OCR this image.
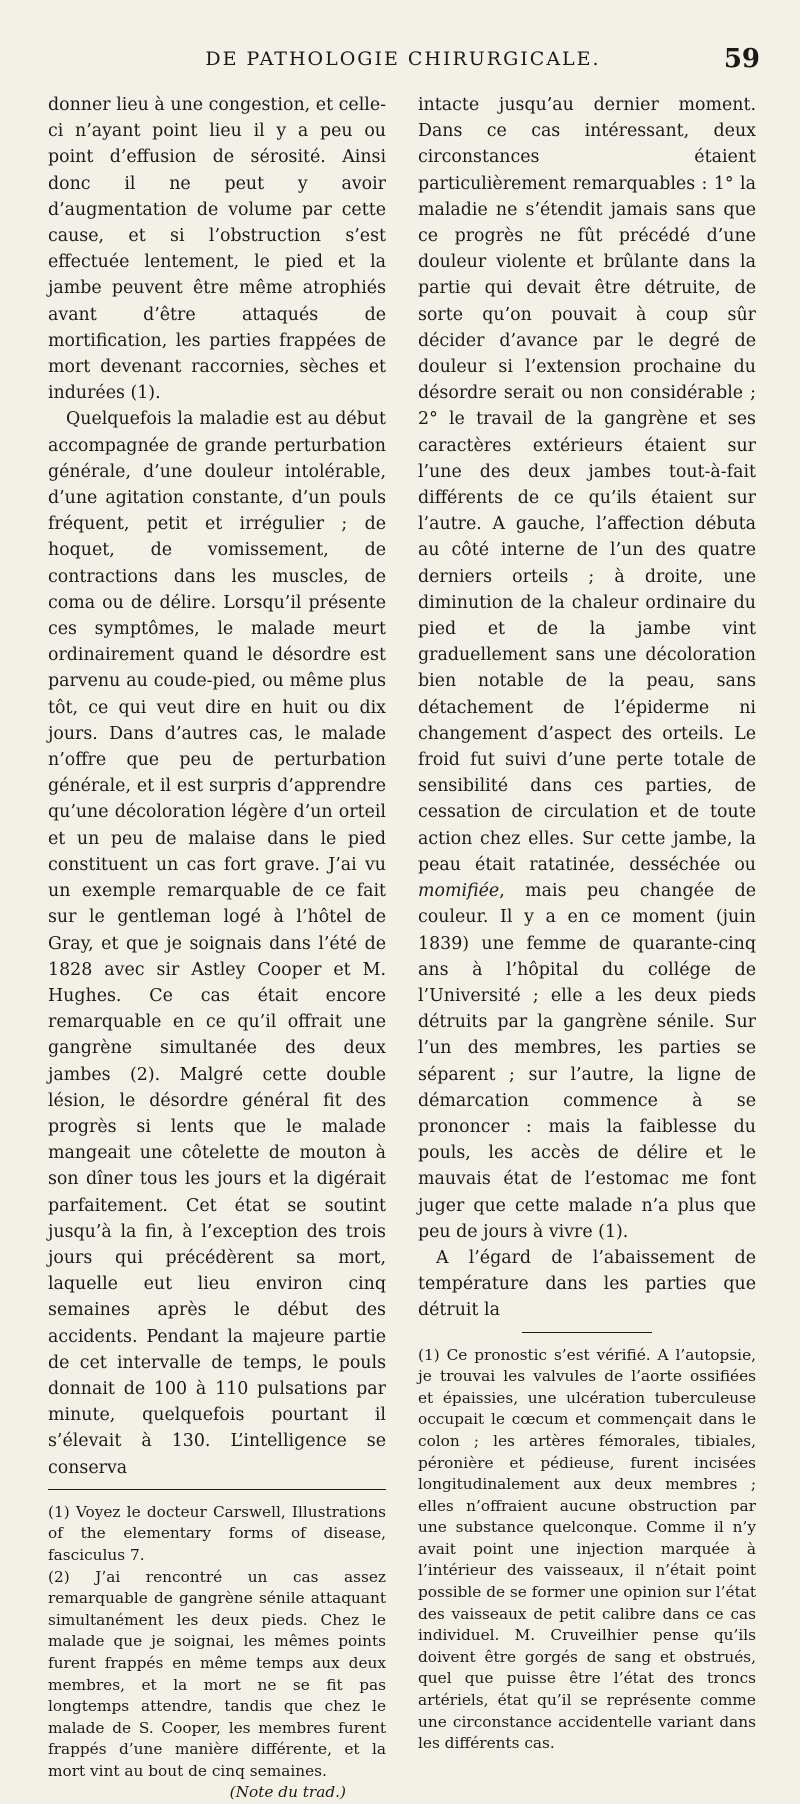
DE PATHOLOGIE CHIRURGICALE.	59

donner lieu à une congestion, et celle-ci n’ayant point lieu il y a peu ou point d’effusion de sérosité. Ainsi donc il ne peut y avoir d’augmentation de volume par cette cause, et si l’obstruction s’est effectuée lentement, le pied et la jambe peuvent être même atrophiés avant d’être attaqués de mortification, les parties frappées de mort devenant raccornies, sèches et indurées (1).

Quelquefois la maladie est au début accompagnée de grande perturbation générale, d’une douleur intolérable, d’une agitation constante, d’un pouls fréquent, petit et irrégulier ; de hoquet, de vomissement, de contractions dans les muscles, de coma ou de délire. Lorsqu’il présente ces symptômes, le malade meurt ordinairement quand le désordre est parvenu au coude-pied, ou même plus tôt, ce qui veut dire en huit ou dix jours. Dans d’autres cas, le malade n’offre que peu de perturbation générale, et il est surpris d’apprendre qu’une décoloration légère d’un orteil et un peu de malaise dans le pied constituent un cas fort grave. J’ai vu un exemple remarquable de ce fait sur le gentleman logé à l’hôtel de Gray, et que je soignais dans l’été de 1828 avec sir Astley Cooper et M. Hughes. Ce cas était encore remarquable en ce qu’il offrait une gangrène simultanée des deux jambes (2). Malgré cette double lésion, le désordre général fit des progrès si lents que le malade mangeait une côtelette de mouton à son dîner tous les jours et la digérait parfaitement. Cet état se soutint jusqu’à la fin, à l’exception des trois jours qui précédèrent sa mort, laquelle eut lieu environ cinq semaines après le début des accidents. Pendant la majeure partie de cet intervalle de temps, le pouls donnait de 100 à 110 pulsations par minute, quelquefois pourtant il s’élevait à 130. L’intelligence se conserva

(1) Voyez le docteur Carswell, Illustrations of the elementary forms of disease, fasciculus 7.

(2) J’ai rencontré un cas assez remarquable de gangrène sénile attaquant simultanément les deux pieds. Chez le malade que je soignai, les mêmes points furent frappés en même temps aux deux membres, et la mort ne se fit pas longtemps attendre, tandis que chez le malade de S. Cooper, les membres furent frappés d’une manière différente, et la mort vint au bout de cinq semaines.

(Note du trad.)

intacte jusqu’au dernier moment. Dans ce cas intéressant, deux circonstances étaient particulièrement remarquables : 1° la maladie ne s’étendit jamais sans que ce progrès ne fût précédé d’une douleur violente et brûlante dans la partie qui devait être détruite, de sorte qu’on pouvait à coup sûr décider d’avance par le degré de douleur si l’extension prochaine du désordre serait ou non considérable ; 2° le travail de la gangrène et ses caractères extérieurs étaient sur l’une des deux jambes tout-à-fait différents de ce qu’ils étaient sur l’autre. A gauche, l’affection débuta au côté interne de l’un des quatre derniers orteils ; à droite, une diminution de la chaleur ordinaire du pied et de la jambe vint graduellement sans une décoloration bien notable de la peau, sans détachement de l’épiderme ni changement d’aspect des orteils. Le froid fut suivi d’une perte totale de sensibilité dans ces parties, de cessation de circulation et de toute action chez elles. Sur cette jambe, la peau était ratatinée, desséchée ou momifiée, mais peu changée de couleur. Il y a en ce moment (juin 1839) une femme de quarante-cinq ans à l’hôpital du collége de l’Université ; elle a les deux pieds détruits par la gangrène sénile. Sur l’un des membres, les parties se séparent ; sur l’autre, la ligne de démarcation commence à se prononcer : mais la faiblesse du pouls, les accès de délire et le mauvais état de l’estomac me font juger que cette malade n’a plus que peu de jours à vivre (1).

A l’égard de l’abaissement de température dans les parties que détruit la

(1) Ce pronostic s’est vérifié. A l’autopsie, je trouvai les valvules de l’aorte ossifiées et épaissies, une ulcération tuberculeuse occupait le cœcum et commençait dans le colon ; les artères fémorales, tibiales, péronière et pédieuse, furent incisées longitudinalement aux deux membres ; elles n’offraient aucune obstruction par une substance quelconque. Comme il n’y avait point une injection marquée à l’intérieur des vaisseaux, il n’était point possible de se former une opinion sur l’état des vaisseaux de petit calibre dans ce cas individuel. M. Cruveilhier pense qu’ils doivent être gorgés de sang et obstrués, quel que puisse être l’état des troncs artériels, état qu’il se représente comme une circonstance accidentelle variant dans les différents cas.
